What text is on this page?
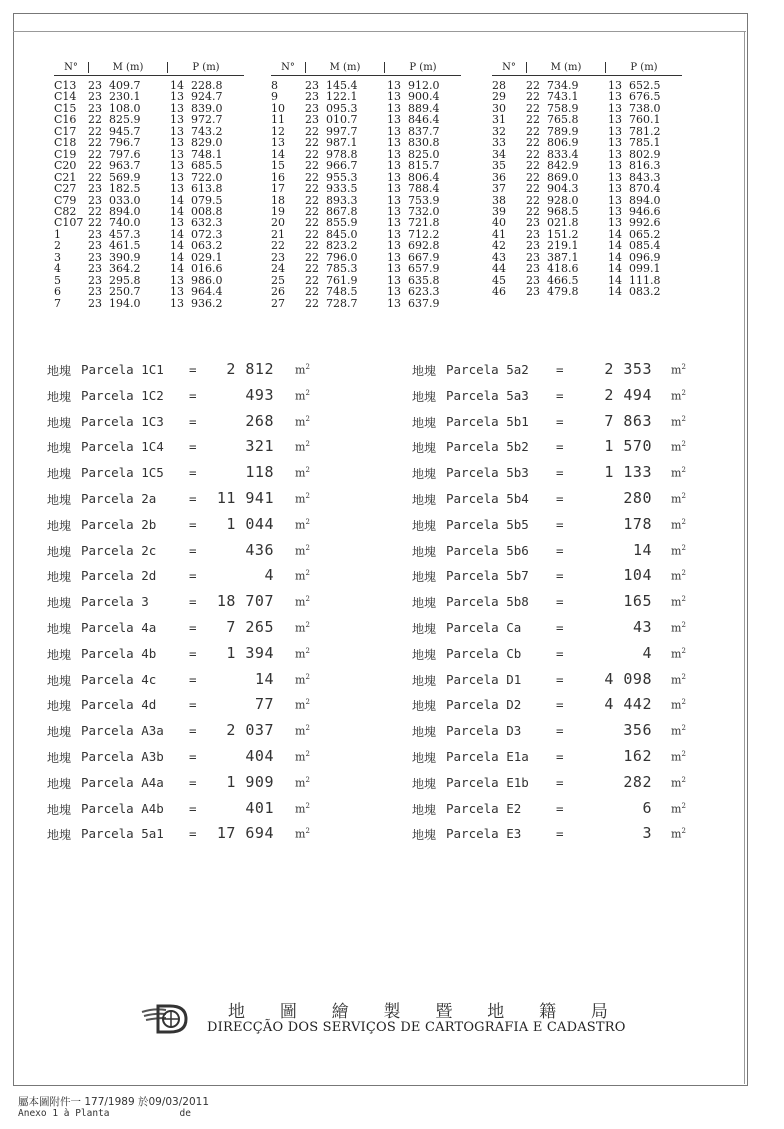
N°	M (m)	P (m)
C13	23  409.7	14  228.8
C14	23  230.1	13  924.7
C15	23  108.0	13  839.0
C16	22  825.9	13  972.7
C17	22  945.7	13  743.2
C18	22  796.7	13  829.0
C19	22  797.6	13  748.1
C20	22  963.7	13  685.5
C21	22  569.9	13  722.0
C27	23  182.5	13  613.8
C79	23  033.0	14  079.5
C82	22  894.0	14  008.8
C107 22  740.0	13  632.3
1	23  457.3	14  072.3
2	23  461.5	14  063.2
3	23  390.9	14  029.1
4	23  364.2	14  016.6
5	23  295.8	13  986.0
6	23  250.7	13  964.4
7	23  194.0	13  936.2
N°	M (m)	P (m)
8	23  145.4	13  912.0
9	23  122.1	13  900.4
10	23  095.3	13  889.4
11	23  010.7	13  846.4
12	22  997.7	13  837.7
13	22  987.1	13  830.8
14	22  978.8	13  825.0
15	22  966.7	13  815.7
16	22  955.3	13  806.4
17	22  933.5	13  788.4
18	22  893.3	13  753.9
19	22  867.8	13  732.0
20	22  855.9	13  721.8
21	22  845.0	13  712.2
22	22  823.2	13  692.8
23	22  796.0	13  667.9
24	22  785.3	13  657.9
25	22  761.9	13  635.8
26	22  748.5	13  623.3
27	22  728.7	13  637.9
N°	M (m)	P (m)
28	22  734.9	13  652.5
29	22  743.1	13  676.5
30	22  758.9	13  738.0
31	22  765.8	13  760.1
32	22  789.9	13  781.2
33	22  806.9	13  785.1
34	22  833.4	13  802.9
35	22  842.9	13  816.3
36	22  869.0	13  843.3
37	22  904.3	13  870.4
38	22  928.0	13  894.0
39	22  968.5	13  946.6
40	23  021.8	13  992.6
41	23  151.2	14  065.2
42	23  219.1	14  085.4
43	23  387.1	14  096.9
44	23  418.6	14  099.1
45	23  466.5	14  111.8
46	23  479.8	14  083.2
地塊 Parcela 1C1 = 2 812 $m^2$
地塊 Parcela 1C2 =	493 $m^2$
地塊 Parcela 1C3 =	268 $m^2$
地塊 Parcela 1C4 =	321 $m^2$
地塊 Parcela 1C5 =	118 $m^2$
地塊 Parcela 2a	= 11 941 $m^2$
地塊 Parcela 2b	= 1 044 $m^2$
地塊 Parcela 2c	=	436 $m^2$
地塊 Parcela 2d	=	4 $m^2$
地塊 Parcela 3	= 18 707 $m^2$
地塊 Parcela 4a	= 7 265 $m^2$
地塊 Parcela 4b	= 1 394 $m^2$
地塊 Parcela 4c	=	14 $m^2$
地塊 Parcela 4d	=	77 $m^2$
地塊 Parcela A3a = 2 037 $m^2$
地塊 Parcela A3b =	404 $m^2$
地塊 Parcela A4a = 1 909 $m^2$
地塊 Parcela A4b =	401 $m^2$
地塊 Parcela 5a1 = 17 694 $m^2$
地塊 Parcela 5a2 =	2 353 $m^2$
地塊 Parcela 5a3 =	2 494 $m^2$
地塊 Parcela 5b1 =	7 863 $m^2$
地塊 Parcela 5b2 =	1 570 $m^2$
地塊 Parcela 5b3 =	1 133 $m^2$
地塊 Parcela 5b4 =	280 $m^2$
地塊 Parcela 5b5 =	178 $m^2$
地塊 Parcela 5b6 =	14 $m^2$
地塊 Parcela 5b7 =	104 $m^2$
地塊 Parcela 5b8 =	165 $m^2$
地塊 Parcela Ca	=	43 $m^2$
地塊 Parcela Cb	=	4 $m^2$
地塊 Parcela D1	=	4 098 $m^2$
地塊 Parcela D2	=	4 442 $m^2$
地塊 Parcela D3	=	356 $m^2$
地塊 Parcela E1a =	162 $m^2$
地塊 Parcela E1b =	282 $m^2$
地塊 Parcela E2	=	6 $m^2$
地塊 Parcela E3	=	3 $m^2$
地 圖 繪 製 暨 地 籍 局
DIRECÇÃO DOS SERVIÇOS DE CARTOGRAFIA E CADASTRO
屬本圖附件一 177/1989 於09/03/2011
Anexo 1 à Planta	de
